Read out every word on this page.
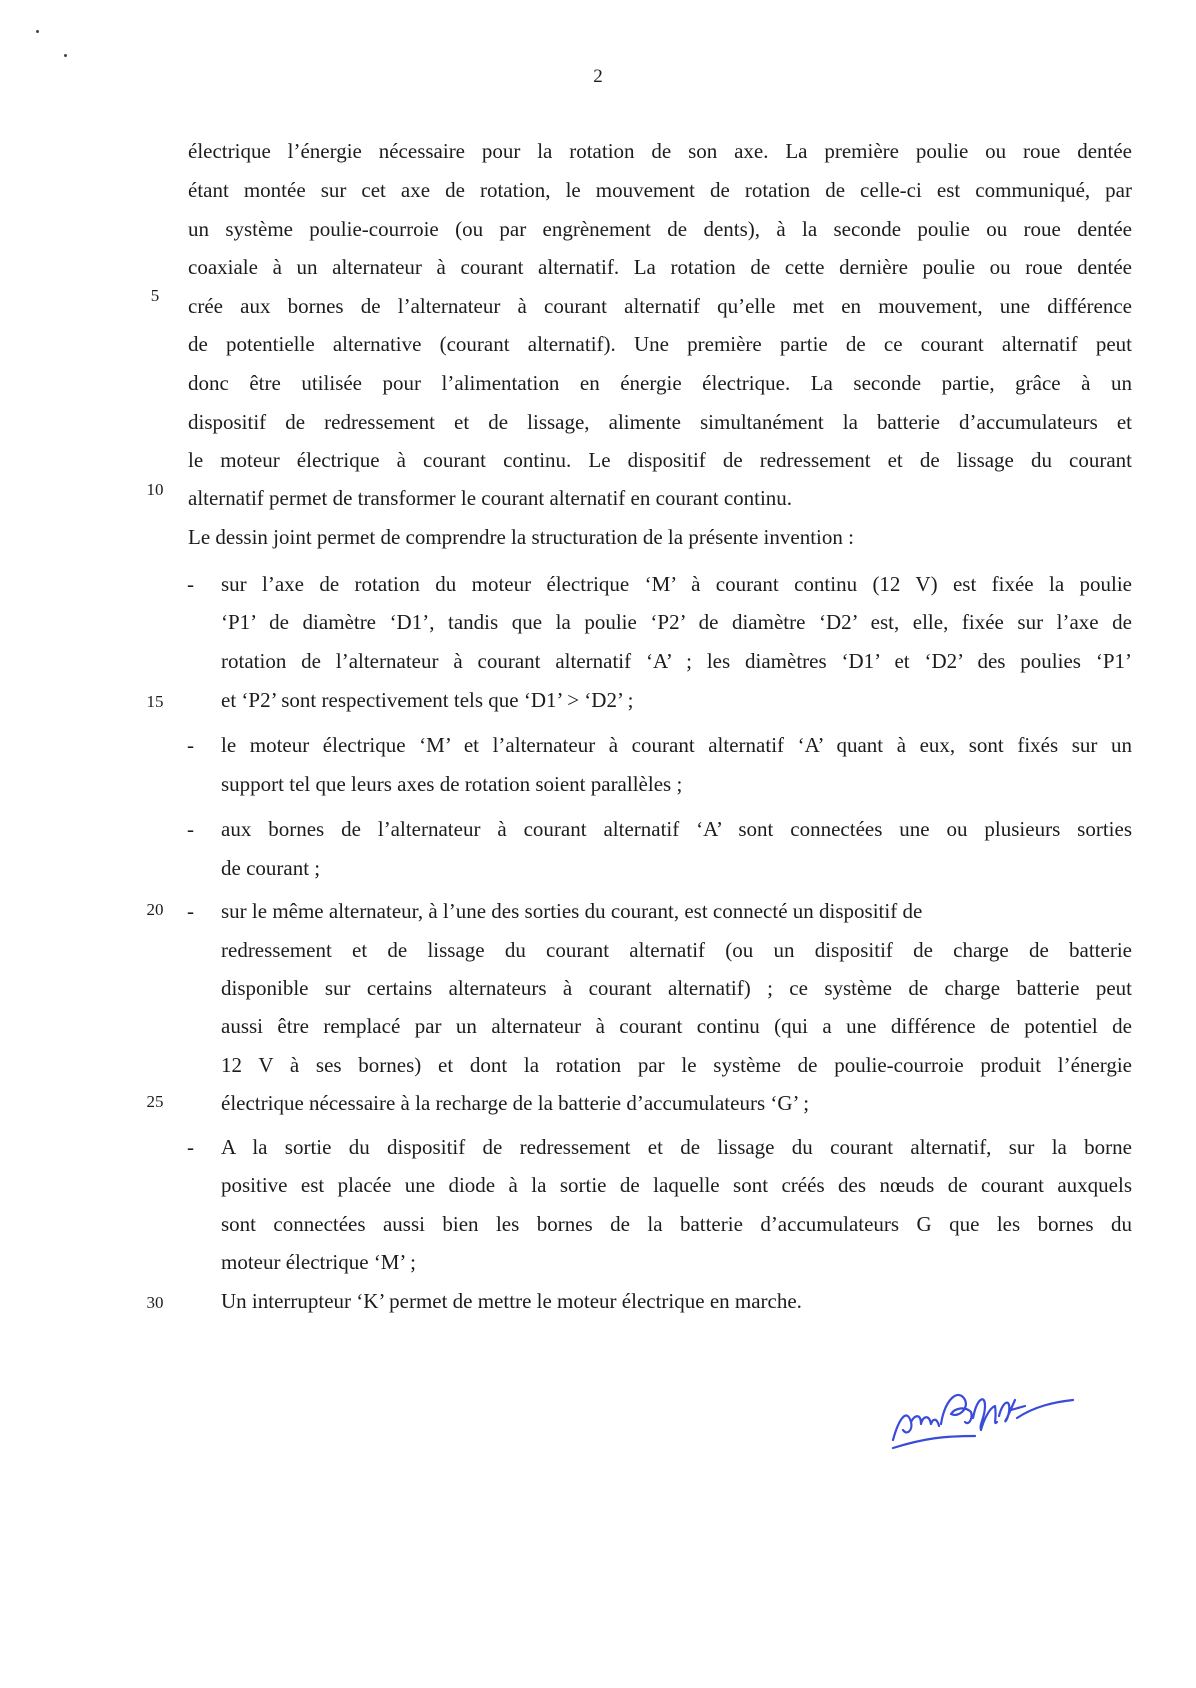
2
électrique l’énergie nécessaire pour la rotation de son axe. La première poulie ou roue dentée
étant montée sur cet axe de rotation, le mouvement de rotation de celle-ci est communiqué, par
un système poulie-courroie (ou par engrènement de dents), à la seconde poulie ou roue dentée
coaxiale à un alternateur à courant alternatif. La rotation de cette dernière poulie ou roue dentée
crée aux bornes de l’alternateur à courant alternatif qu’elle met en mouvement, une différence
de potentielle alternative (courant alternatif). Une première partie de ce courant alternatif peut
donc être utilisée pour l’alimentation en énergie électrique. La seconde partie, grâce à un
dispositif de redressement et de lissage, alimente simultanément la batterie d’accumulateurs et
le moteur électrique à courant continu. Le dispositif de redressement et de lissage du courant
alternatif permet de transformer le courant alternatif en courant continu.
Le dessin joint permet de comprendre la structuration de la présente invention :
sur l’axe de rotation du moteur électrique ‘M’ à courant continu (12 V) est fixée la poulie
-
‘P1’ de diamètre ‘D1’, tandis que la poulie ‘P2’ de diamètre ‘D2’ est, elle, fixée sur l’axe de
rotation de l’alternateur à courant alternatif ‘A’ ; les diamètres ‘D1’ et ‘D2’ des poulies ‘P1’
et ‘P2’ sont respectivement tels que ‘D1’ > ‘D2’ ;
le moteur électrique ‘M’ et l’alternateur à courant alternatif ‘A’ quant à eux, sont fixés sur un
-
support tel que leurs axes de rotation soient parallèles ;
aux bornes de l’alternateur à courant alternatif ‘A’ sont connectées une ou plusieurs sorties
-
de courant ;
sur le même alternateur, à l’une des sorties du courant, est connecté un dispositif de
-
redressement et de lissage du courant alternatif (ou un dispositif de charge de batterie
disponible sur certains alternateurs à courant alternatif) ; ce système de charge batterie peut
aussi être remplacé par un alternateur à courant continu (qui a une différence de potentiel de
12 V à ses bornes) et dont la rotation par le système de poulie-courroie produit l’énergie
électrique nécessaire à la recharge de la batterie d’accumulateurs ‘G’ ;
A la sortie du dispositif de redressement et de lissage du courant alternatif, sur la borne
-
positive est placée une diode à la sortie de laquelle sont créés des nœuds de courant auxquels
sont connectées aussi bien les bornes de la batterie d’accumulateurs G que les bornes du
moteur électrique ‘M’ ;
Un interrupteur ‘K’ permet de mettre le moteur électrique en marche.
5
10
15
20
25
30
